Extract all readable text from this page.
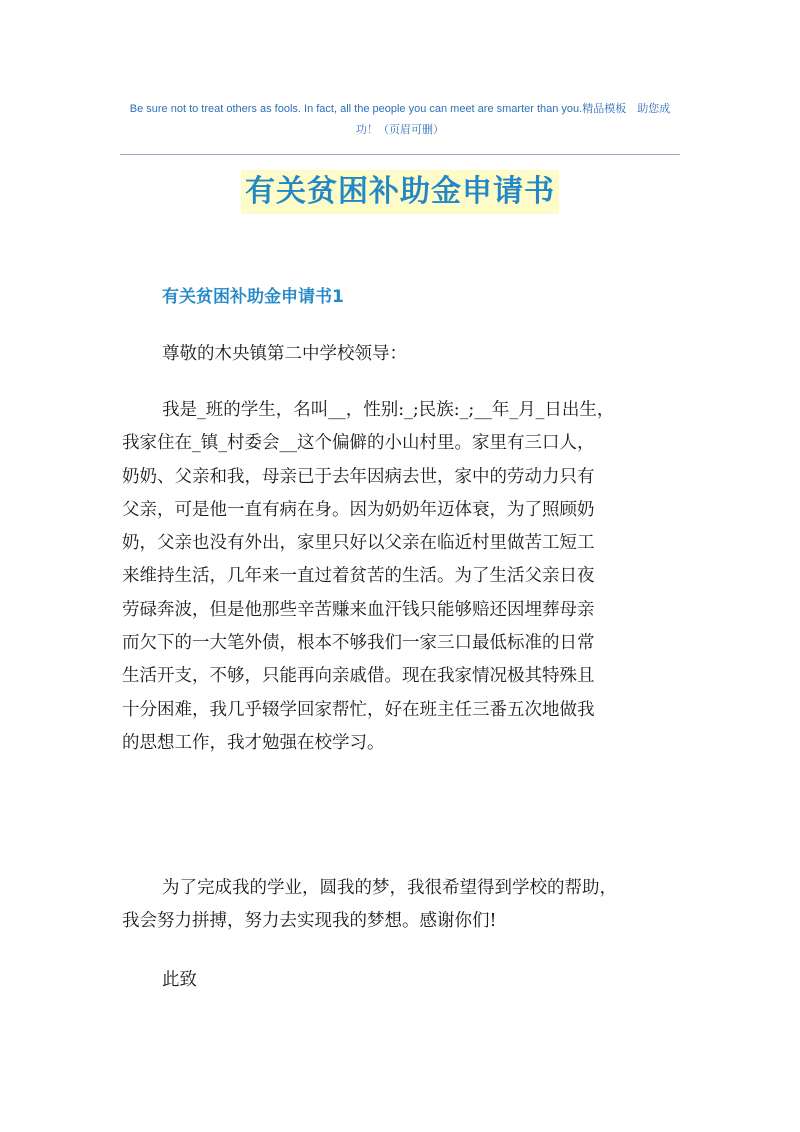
Be sure not to treat others as fools. In fact, all the people you can meet are smarter than you.精品模板　助您成
功！（页眉可删）
有关贫困补助金申请书
有关贫困补助金申请书1
尊敬的木央镇第二中学校领导：
我是_班的学生，名叫__，性别:_;民族:_;__年_月_日出生，
我家住在_镇_村委会__这个偏僻的小山村里。家里有三口人，
奶奶、父亲和我，母亲已于去年因病去世，家中的劳动力只有
父亲，可是他一直有病在身。因为奶奶年迈体衰，为了照顾奶
奶，父亲也没有外出，家里只好以父亲在临近村里做苦工短工
来维持生活，几年来一直过着贫苦的生活。为了生活父亲日夜
劳碌奔波，但是他那些辛苦赚来血汗钱只能够赔还因埋葬母亲
而欠下的一大笔外债，根本不够我们一家三口最低标准的日常
生活开支，不够，只能再向亲戚借。现在我家情况极其特殊且
十分困难，我几乎辍学回家帮忙，好在班主任三番五次地做我
的思想工作，我才勉强在校学习。
为了完成我的学业，圆我的梦，我很希望得到学校的帮助，
我会努力拼搏，努力去实现我的梦想。感谢你们!
此致
